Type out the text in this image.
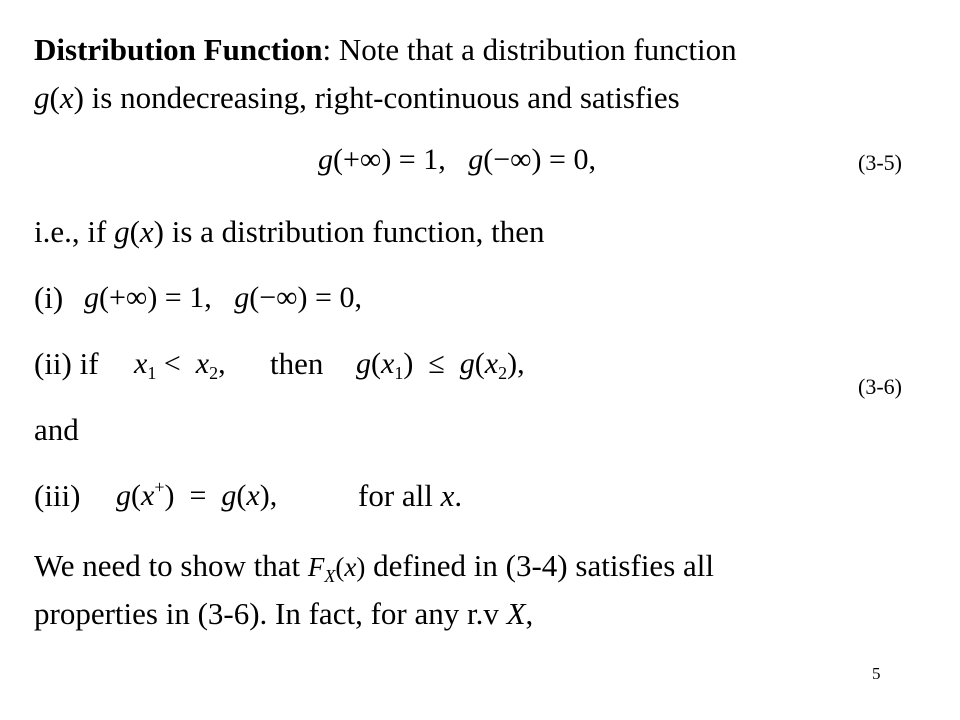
Distribution Function: Note that a distribution function
g(x) is nondecreasing, right-continuous and satisfies
g(+∞) = 1, g(−∞) = 0,	(3-5)
i.e., if g(x) is a distribution function, then
(i) g(+∞) = 1, g(−∞) = 0,
(ii) if $x_1 < x_2$, then $g(x_1) \le g(x_2)$,
(3-6)
and
(iii) g(x+)  =  g(x),	for all x.
We need to show that $F_X(x)$ defined in (3-4) satisfies all
properties in (3-6). In fact, for any r.v X,
5
